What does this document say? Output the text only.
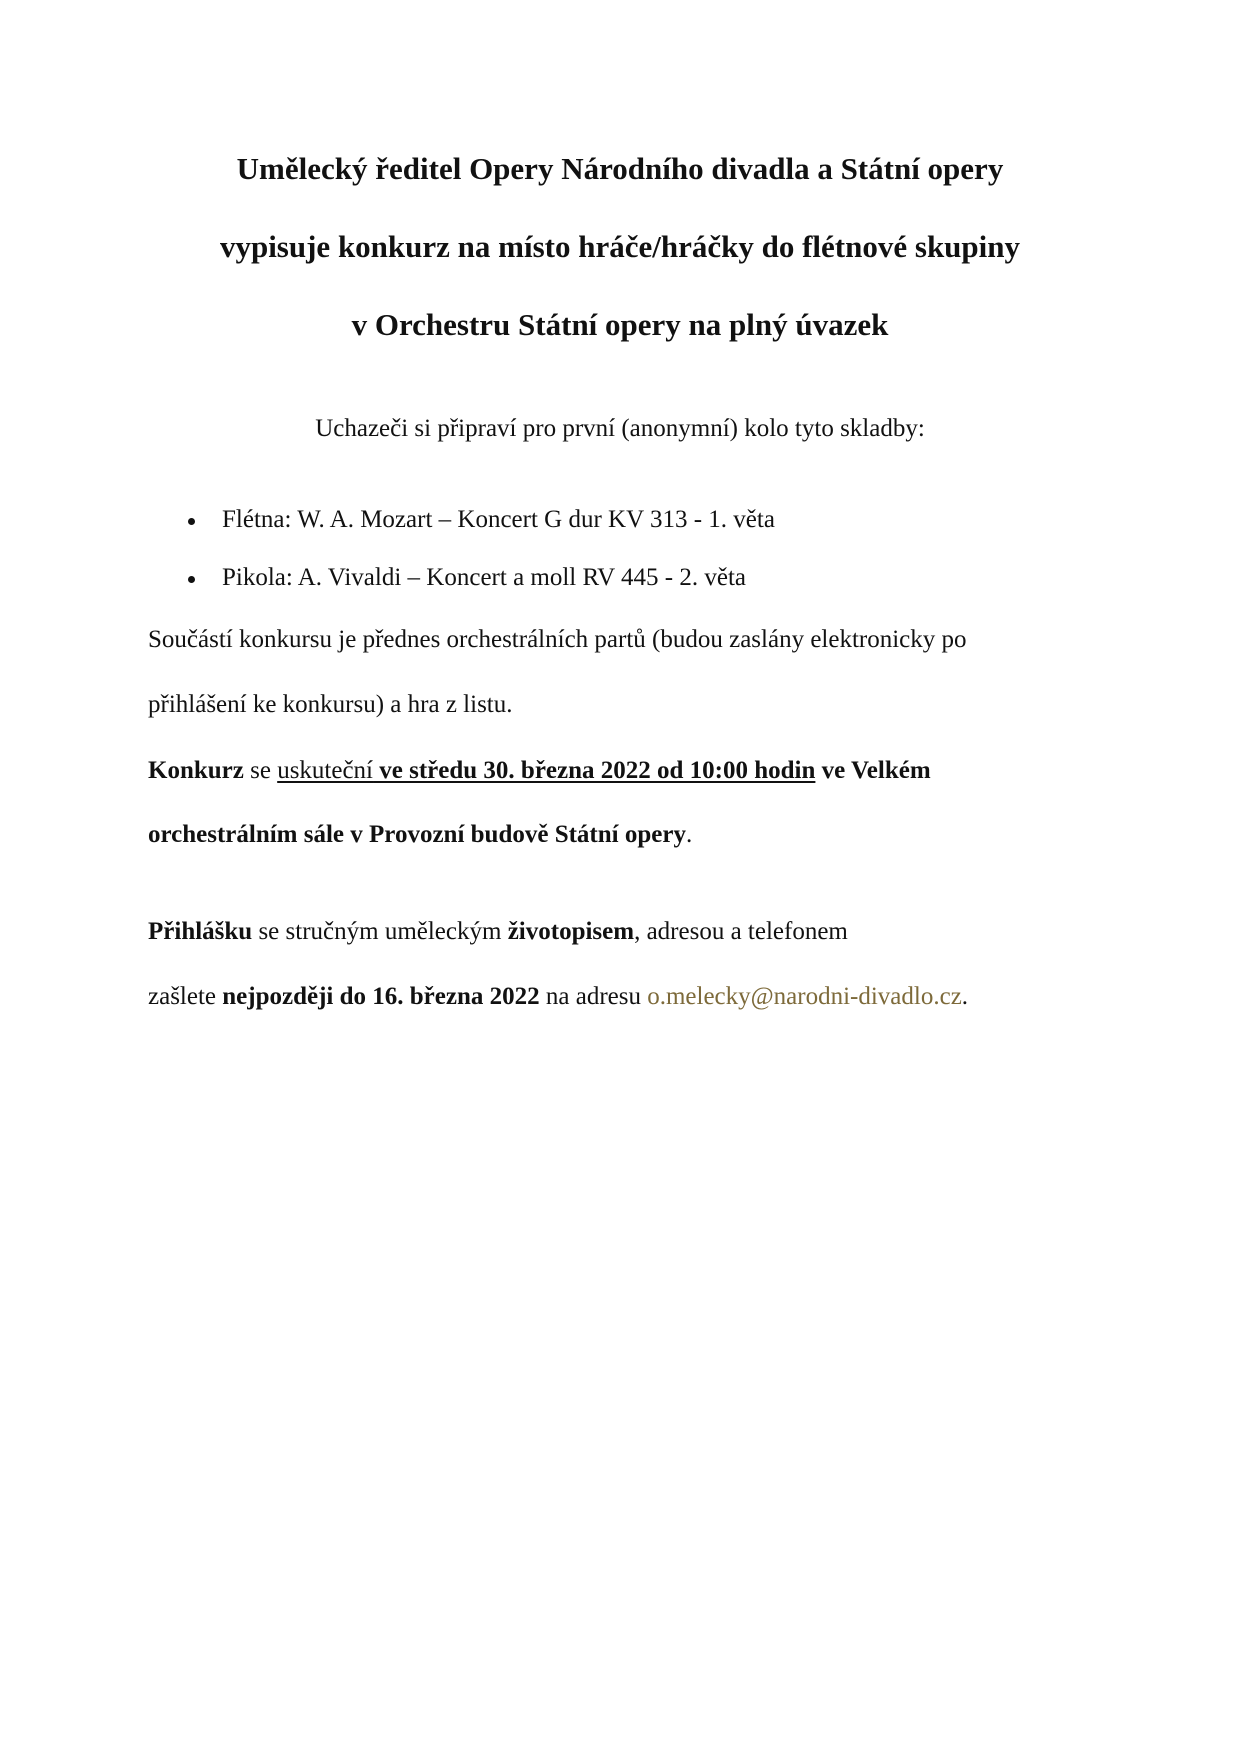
Umělecký ředitel Opery Národního divadla a Státní opery
vypisuje konkurz na místo hráče/hráčky do flétnové skupiny
v Orchestru Státní opery na plný úvazek
Uchazeči si připraví pro první (anonymní) kolo tyto skladby:
Flétna: W. A. Mozart – Koncert G dur KV 313 - 1. věta
Pikola: A. Vivaldi – Koncert a moll RV 445 - 2. věta
Součástí konkursu je přednes orchestrálních partů (budou zaslány elektronicky po
přihlášení ke konkursu) a hra z listu.
Konkurz se uskuteční ve středu 30. března 2022 od 10:00 hodin ve Velkém
orchestrálním sále v Provozní budově Státní opery.
Přihlášku se stručným uměleckým životopisem, adresou a telefonem
zašlete nejpozději do 16. března 2022 na adresu o.melecky@narodni-divadlo.cz.
